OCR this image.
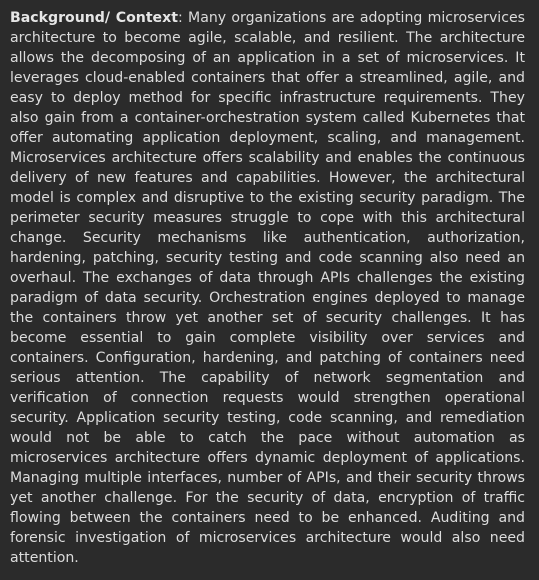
Background/ Context: Many organizations are adopting microservices architecture to become agile, scalable, and resilient. The architecture allows the decomposing of an application in a set of microservices. It leverages cloud-enabled containers that offer a streamlined, agile, and easy to deploy method for specific infrastructure requirements. They also gain from a container-orchestration system called Kubernetes that offer automating application deployment, scaling, and management. Microservices architecture offers scalability and enables the continuous delivery of new features and capabilities. However, the architectural model is complex and disruptive to the existing security paradigm. The perimeter security measures struggle to cope with this architectural change. Security mechanisms like authentication, authorization, hardening, patching, security testing and code scanning also need an overhaul. The exchanges of data through APIs challenges the existing paradigm of data security. Orchestration engines deployed to manage the containers throw yet another set of security challenges. It has become essential to gain complete visibility over services and containers. Configuration, hardening, and patching of containers need serious attention. The capability of network segmentation and verification of connection requests would strengthen operational security. Application security testing, code scanning, and remediation would not be able to catch the pace without automation as microservices architecture offers dynamic deployment of applications. Managing multiple interfaces, number of APIs, and their security throws yet another challenge. For the security of data, encryption of traffic flowing between the containers need to be enhanced. Auditing and forensic investigation of microservices architecture would also need attention.
